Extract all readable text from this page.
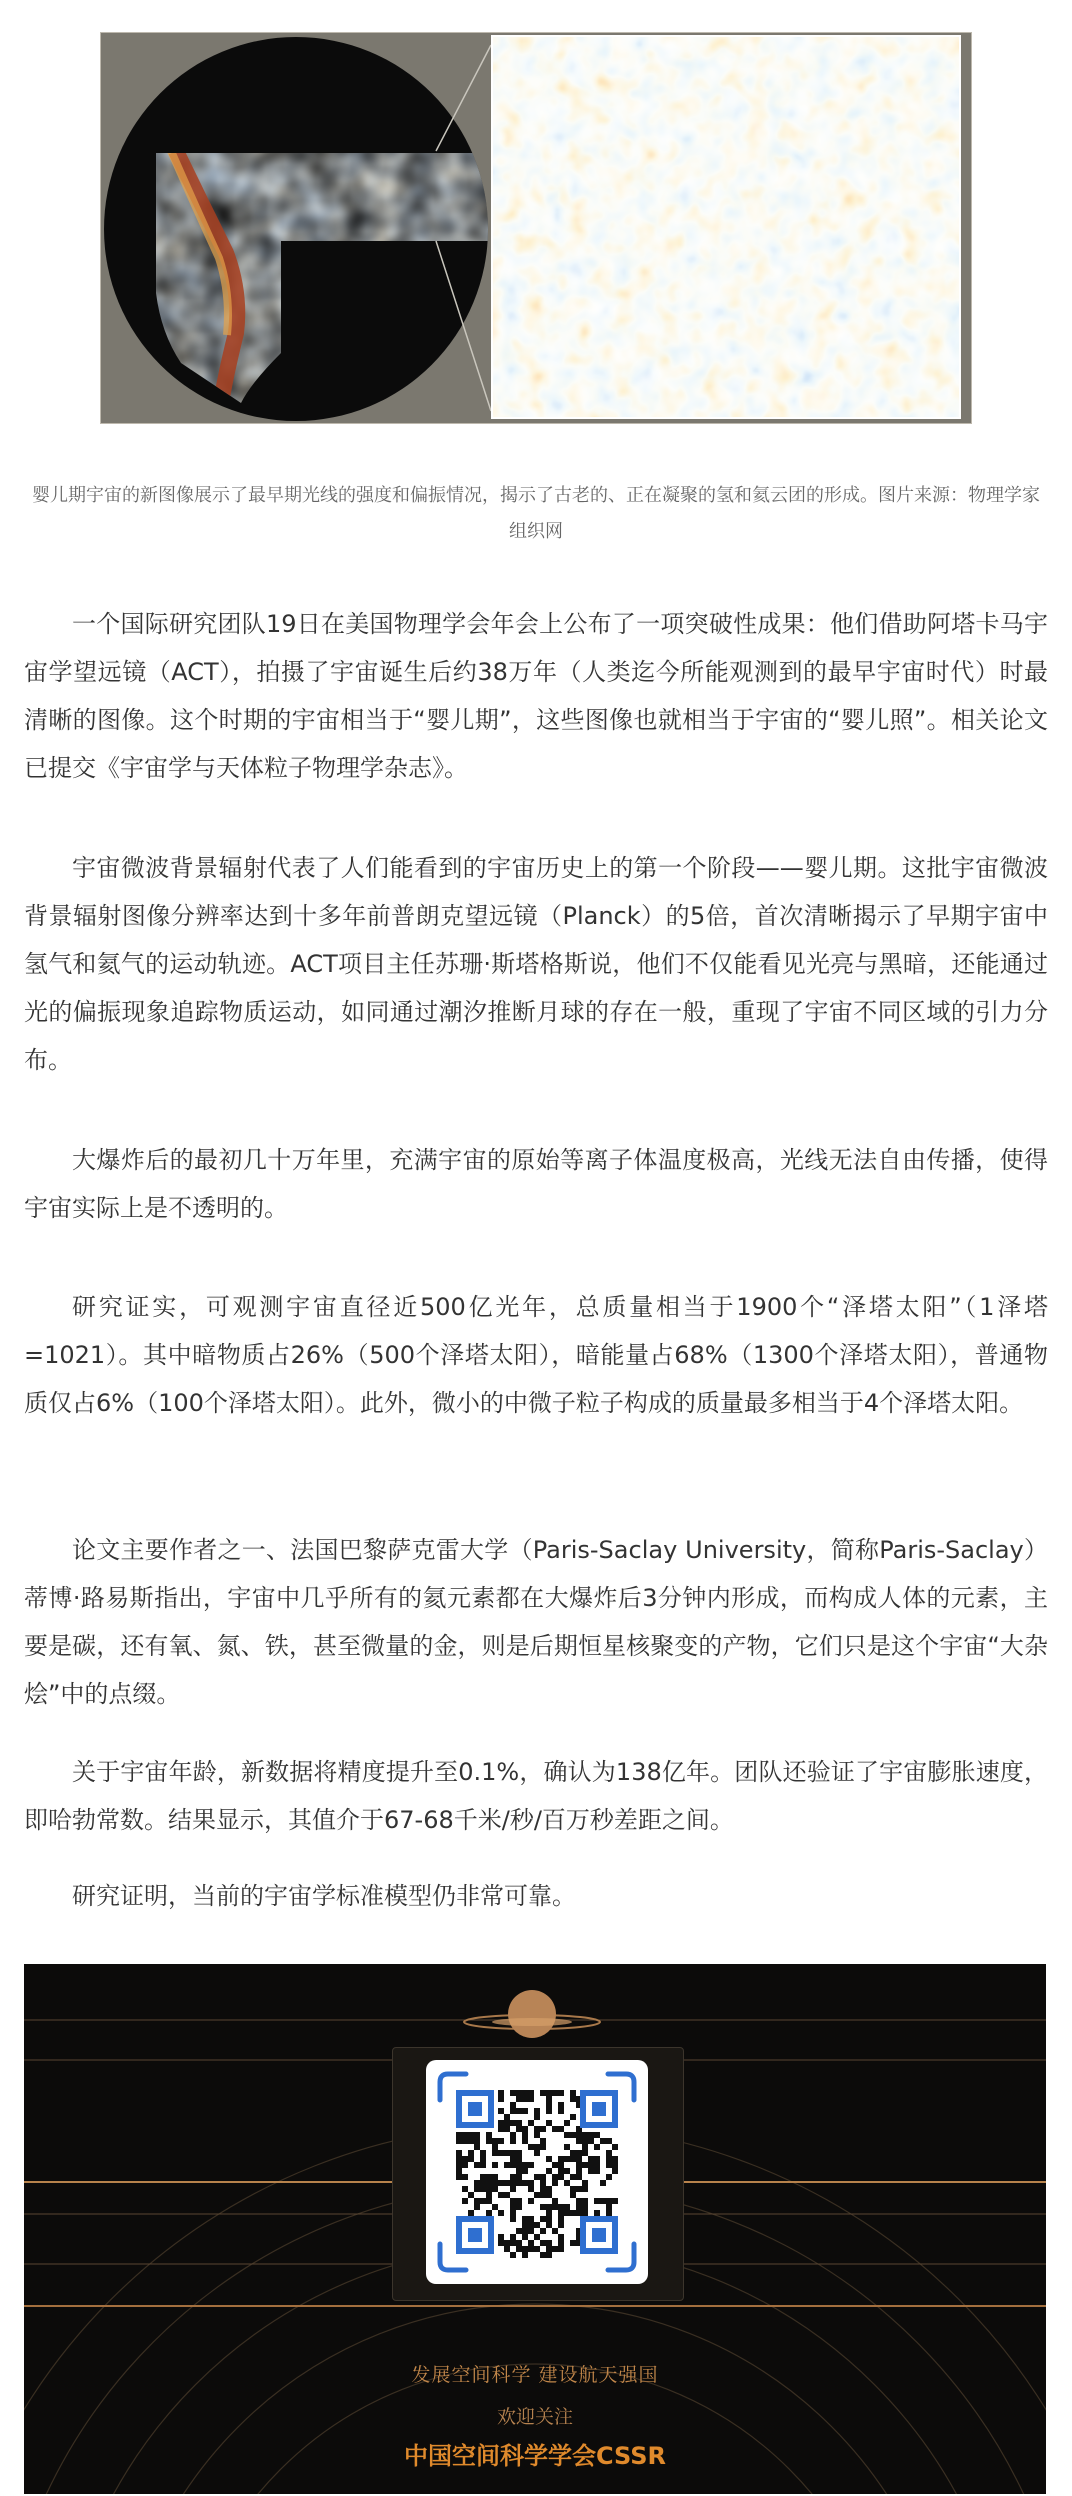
婴儿期宇宙的新图像展示了最早期光线的强度和偏振情况，揭示了古老的、正在凝聚的氢和氦云团的形成。图片来源：物理学家组织网

一个国际研究团队19日在美国物理学会年会上公布了一项突破性成果：他们借助阿塔卡马宇宙学望远镜（ACT），拍摄了宇宙诞生后约38万年（人类迄今所能观测到的最早宇宙时代）时最清晰的图像。这个时期的宇宙相当于“婴儿期”，这些图像也就相当于宇宙的“婴儿照”。相关论文已提交《宇宙学与天体粒子物理学杂志》。

宇宙微波背景辐射代表了人们能看到的宇宙历史上的第一个阶段——婴儿期。这批宇宙微波背景辐射图像分辨率达到十多年前普朗克望远镜（Planck）的5倍，首次清晰揭示了早期宇宙中氢气和氦气的运动轨迹。ACT项目主任苏珊·斯塔格斯说，他们不仅能看见光亮与黑暗，还能通过光的偏振现象追踪物质运动，如同通过潮汐推断月球的存在一般，重现了宇宙不同区域的引力分布。

大爆炸后的最初几十万年里，充满宇宙的原始等离子体温度极高，光线无法自由传播，使得宇宙实际上是不透明的。

研究证实，可观测宇宙直径近500亿光年，总质量相当于1900个“泽塔太阳”（1泽塔=1021）。其中暗物质占26%（500个泽塔太阳），暗能量占68%（1300个泽塔太阳），普通物质仅占6%（100个泽塔太阳）。此外，微小的中微子粒子构成的质量最多相当于4个泽塔太阳。

论文主要作者之一、法国巴黎萨克雷大学（Paris-Saclay University，简称Paris-Saclay）蒂博·路易斯指出，宇宙中几乎所有的氦元素都在大爆炸后3分钟内形成，而构成人体的元素，主要是碳，还有氧、氮、铁，甚至微量的金，则是后期恒星核聚变的产物，它们只是这个宇宙“大杂烩”中的点缀。

关于宇宙年龄，新数据将精度提升至0.1%，确认为138亿年。团队还验证了宇宙膨胀速度，即哈勃常数。结果显示，其值介于67-68千米/秒/百万秒差距之间。

研究证明，当前的宇宙学标准模型仍非常可靠。

发展空间科学 建设航天强国

欢迎关注

中国空间科学学会CSSR
